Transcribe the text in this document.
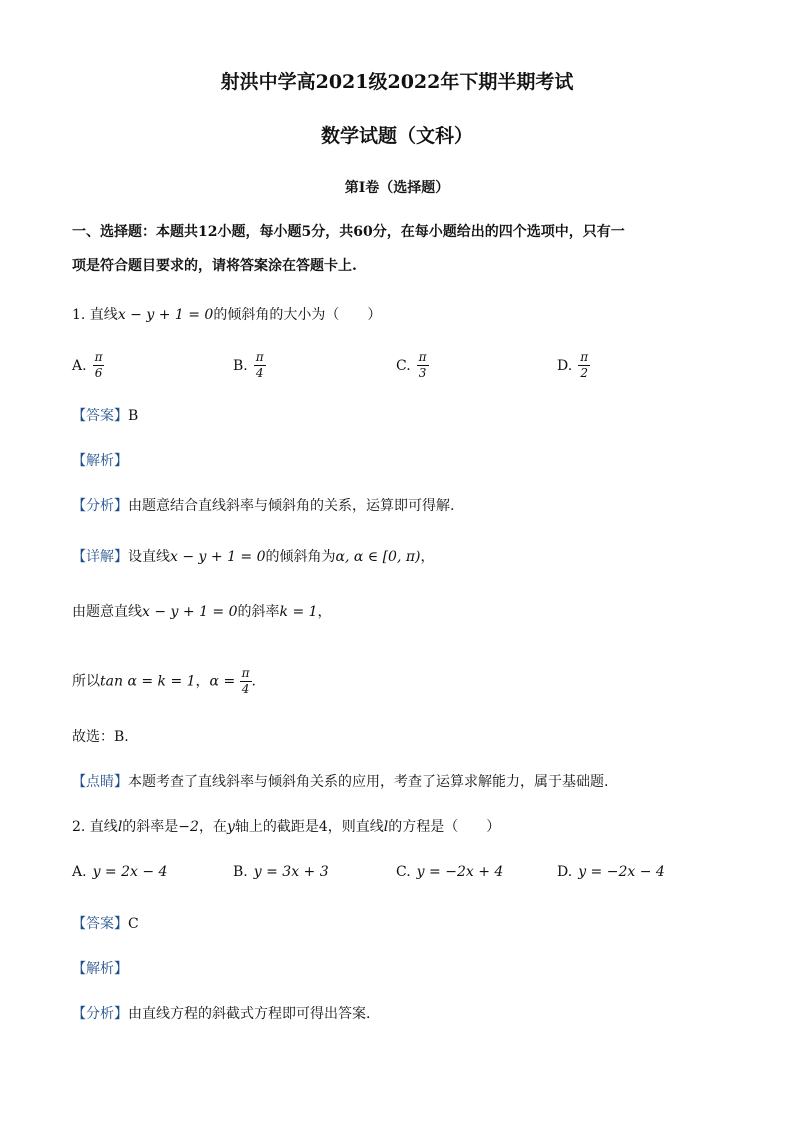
射洪中学高2021级2022年下期半期考试
数学试题（文科）
第Ⅰ卷（选择题）
一、选择题：本题共12小题，每小题5分，共60分，在每小题给出的四个选项中，只有一
项是符合题目要求的，请将答案涂在答题卡上.
1. 直线x − y + 1 = 0的倾斜角的大小为（　　）
A. $\frac{\pi}{6}$	B. $\frac{\pi}{4}$	C. $\frac{\pi}{3}$	D. $\frac{\pi}{2}$
【答案】B
【解析】
【分析】由题意结合直线斜率与倾斜角的关系，运算即可得解.
【详解】设直线x − y + 1 = 0的倾斜角为α, α ∈ [0, π)，
由题意直线x − y + 1 = 0的斜率k = 1，
所以tan α = k = 1，$\alpha = \frac{\pi}{4}$ .
故选：B.
【点睛】本题考查了直线斜率与倾斜角关系的应用，考查了运算求解能力，属于基础题.
2. 直线l的斜率是−2，在y轴上的截距是4，则直线l的方程是（　　）
A. y = 2x − 4	B. y = 3x + 3	C. y = −2x + 4	D. y = −2x − 4
【答案】C
【解析】
【分析】由直线方程的斜截式方程即可得出答案.
